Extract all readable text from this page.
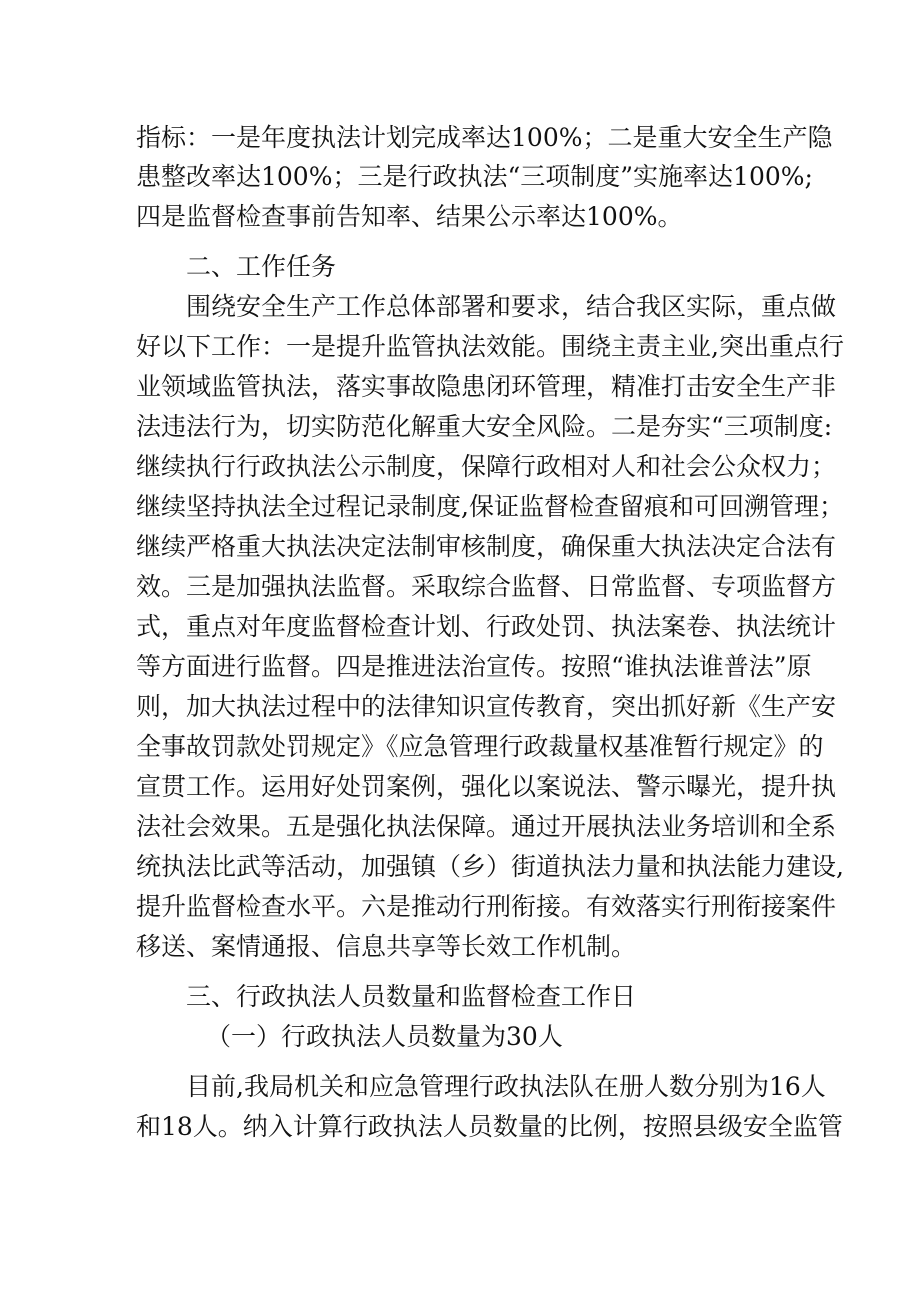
指标：一是年度执法计划完成率达100%；二是重大安全生产隐
患整改率达100%；三是行政执法“三项制度”实施率达100%;
四是监督检查事前告知率、结果公示率达100%。
二、工作任务
围绕安全生产工作总体部署和要求，结合我区实际，重点做
好以下工作：一是提升监管执法效能。围绕主责主业,突出重点行
业领域监管执法，落实事故隐患闭环管理，精准打击安全生产非
法违法行为，切实防范化解重大安全风险。二是夯实“三项制度:
继续执行行政执法公示制度，保障行政相对人和社会公众权力；
继续坚持执法全过程记录制度,保证监督检查留痕和可回溯管理；
继续严格重大执法决定法制审核制度，确保重大执法决定合法有
效。三是加强执法监督。采取综合监督、日常监督、专项监督方
式，重点对年度监督检查计划、行政处罚、执法案卷、执法统计
等方面进行监督。四是推进法治宣传。按照“谁执法谁普法”原
则，加大执法过程中的法律知识宣传教育，突出抓好新《生产安
全事故罚款处罚规定》《应急管理行政裁量权基准暂行规定》的
宣贯工作。运用好处罚案例，强化以案说法、警示曝光，提升执
法社会效果。五是强化执法保障。通过开展执法业务培训和全系
统执法比武等活动，加强镇（乡）街道执法力量和执法能力建设,
提升监督检查水平。六是推动行刑衔接。有效落实行刑衔接案件
移送、案情通报、信息共享等长效工作机制。
三、行政执法人员数量和监督检查工作日
（一）行政执法人员数量为30人
目前,我局机关和应急管理行政执法队在册人数分别为16人
和18人。纳入计算行政执法人员数量的比例，按照县级安全监管
